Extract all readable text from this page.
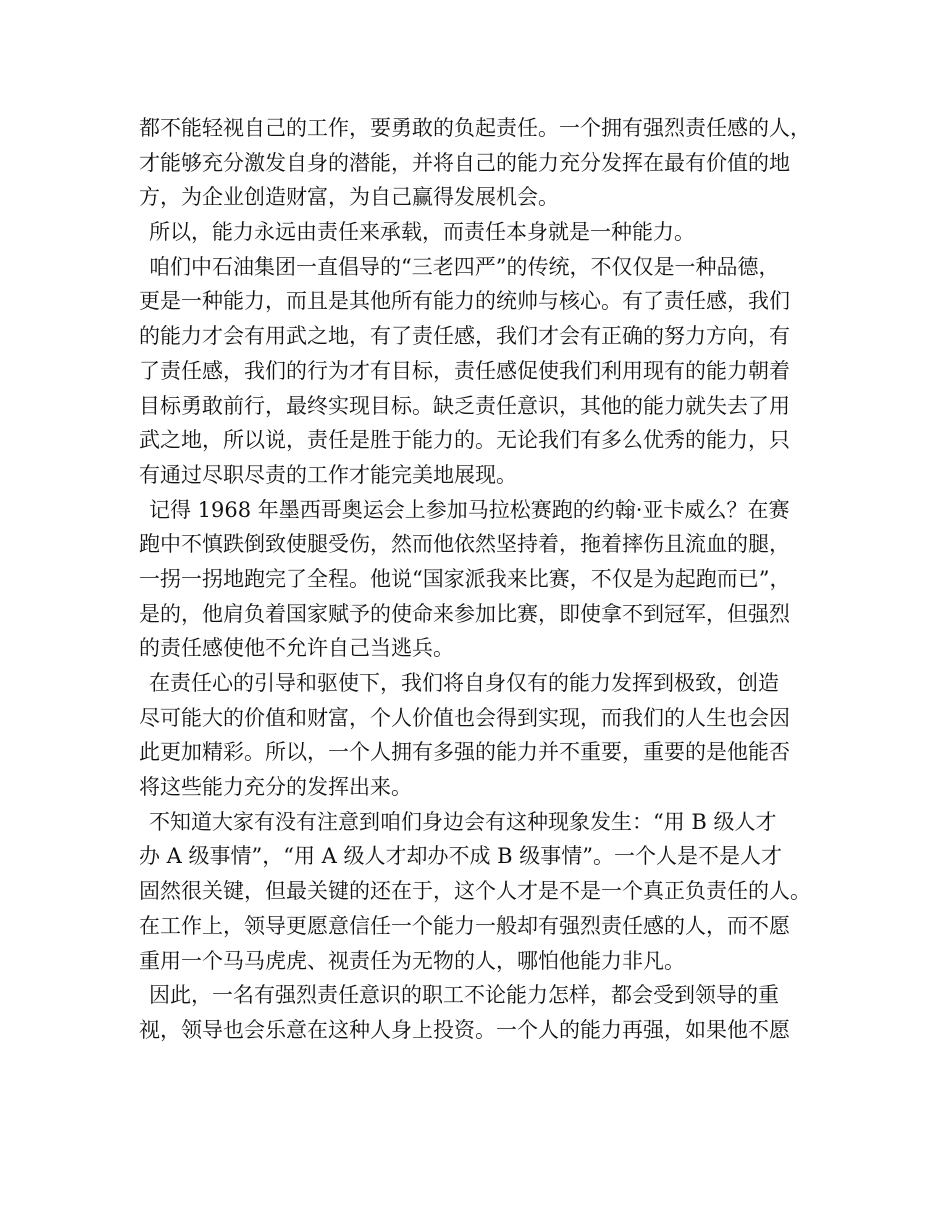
都不能轻视自己的工作，要勇敢的负起责任。一个拥有强烈责任感的人，
才能够充分激发自身的潜能，并将自己的能力充分发挥在最有价值的地
方，为企业创造财富，为自己赢得发展机会。
所以，能力永远由责任来承载，而责任本身就是一种能力。
咱们中石油集团一直倡导的“三老四严”的传统，不仅仅是一种品德，
更是一种能力，而且是其他所有能力的统帅与核心。有了责任感，我们
的能力才会有用武之地，有了责任感，我们才会有正确的努力方向，有
了责任感，我们的行为才有目标，责任感促使我们利用现有的能力朝着
目标勇敢前行，最终实现目标。缺乏责任意识，其他的能力就失去了用
武之地，所以说，责任是胜于能力的。无论我们有多么优秀的能力，只
有通过尽职尽责的工作才能完美地展现。
记得 1968 年墨西哥奥运会上参加马拉松赛跑的约翰·亚卡威么？在赛
跑中不慎跌倒致使腿受伤，然而他依然坚持着，拖着摔伤且流血的腿，
一拐一拐地跑完了全程。他说“国家派我来比赛，不仅是为起跑而已”，
是的，他肩负着国家赋予的使命来参加比赛，即使拿不到冠军，但强烈
的责任感使他不允许自己当逃兵。
在责任心的引导和驱使下，我们将自身仅有的能力发挥到极致，创造
尽可能大的价值和财富，个人价值也会得到实现，而我们的人生也会因
此更加精彩。所以，一个人拥有多强的能力并不重要，重要的是他能否
将这些能力充分的发挥出来。
不知道大家有没有注意到咱们身边会有这种现象发生：“用 B 级人才
办 A 级事情”，“用 A 级人才却办不成 B 级事情”。一个人是不是人才
固然很关键，但最关键的还在于，这个人才是不是一个真正负责任的人。
在工作上，领导更愿意信任一个能力一般却有强烈责任感的人，而不愿
重用一个马马虎虎、视责任为无物的人，哪怕他能力非凡。
因此，一名有强烈责任意识的职工不论能力怎样，都会受到领导的重
视，领导也会乐意在这种人身上投资。一个人的能力再强，如果他不愿
